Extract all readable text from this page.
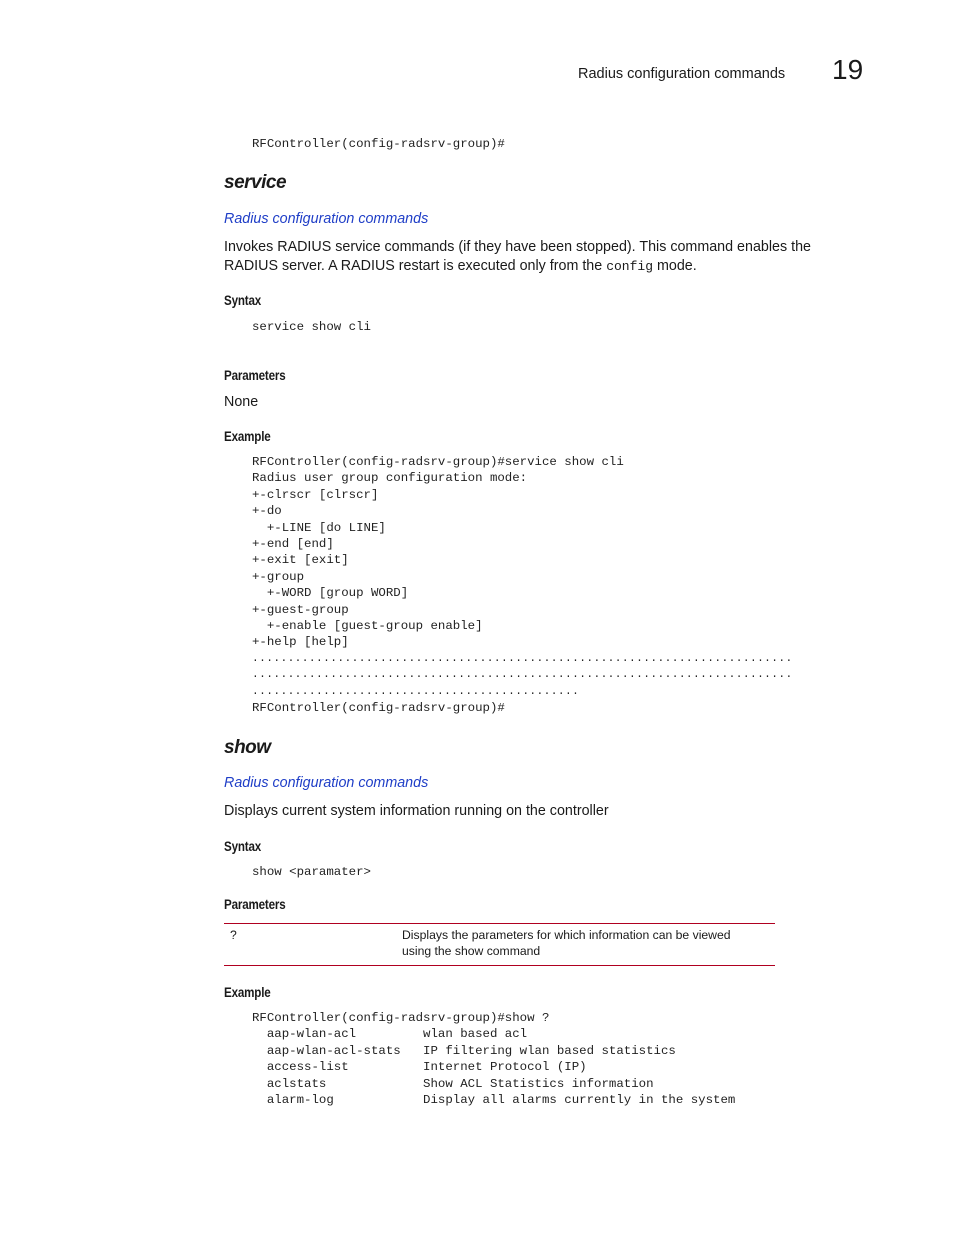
Radius configuration commands 19
RFController(config-radsrv-group)#
service
Radius configuration commands
Invokes RADIUS service commands (if they have been stopped). This command enables the
RADIUS server. A RADIUS restart is executed only from the config mode.
Syntax
service show cli
Parameters
None
Example
RFController(config-radsrv-group)#service show cli
Radius user group configuration mode:
+-clrscr [clrscr]
+-do
+-LINE [do LINE]
+-end [end]
+-exit [exit]
+-group
+-WORD [group WORD]
+-guest-group
+-enable [guest-group enable]
+-help [help]
............................................................................
............................................................................
..............................................
RFController(config-radsrv-group)#
show
Radius configuration commands
Displays current system information running on the controller
Syntax
show <paramater>
Parameters
?	Displays the parameters for which information can be viewed
using the show command
Example
RFController(config-radsrv-group)#show ?
aap-wlan-acl         wlan based acl
aap-wlan-acl-stats   IP filtering wlan based statistics
access-list          Internet Protocol (IP)
aclstats             Show ACL Statistics information
alarm-log            Display all alarms currently in the system
